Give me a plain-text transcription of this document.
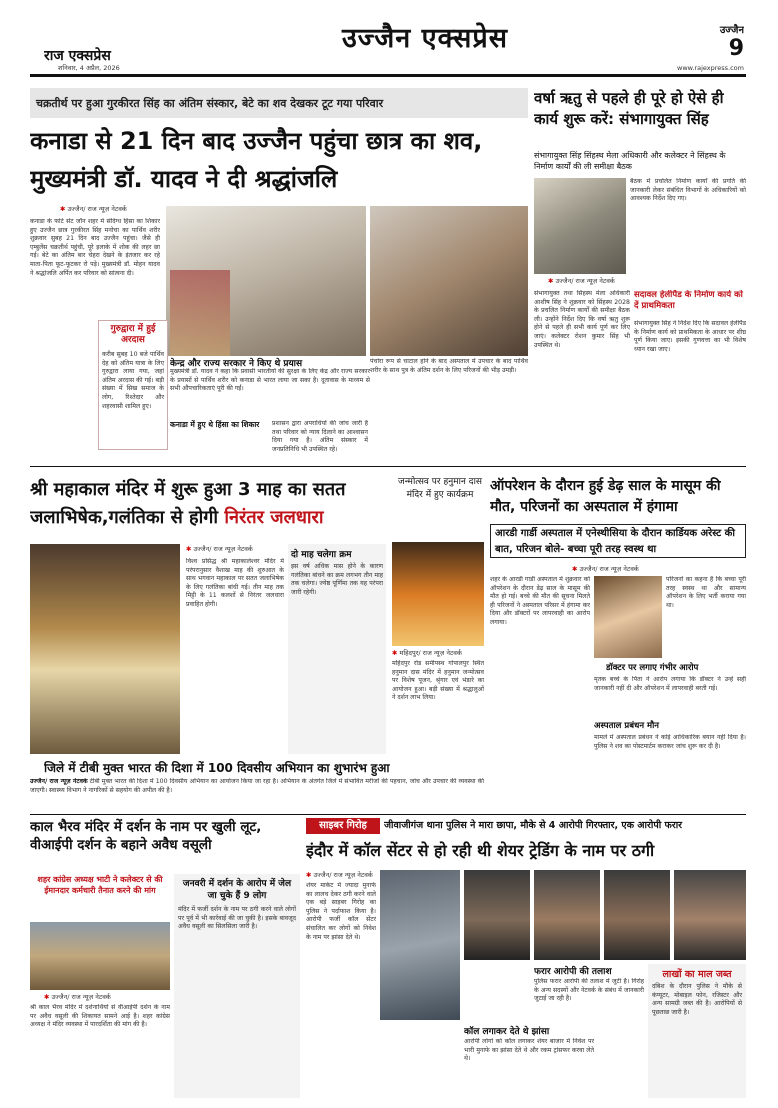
राज एक्सप्रेस
शनिवार, 4 अप्रैल, 2026
उज्जैन एक्सप्रेस	उज्जैन
9
www.rajexpress.com
चक्रतीर्थ पर हुआ गुरकीरत सिंह का अंतिम संस्कार, बेटे का शव देखकर टूट गया परिवार
कनाडा से 21 दिन बाद उज्जैन पहुंचा छात्र का शव, मुख्यमंत्री डॉ. यादव ने दी श्रद्धांजलि
✱ उज्जैन/ राज न्यूज़ नेटवर्क
कनाडा के फोर्ट सेंट जॉन शहर में संदिग्ध हिंसा का शिकार हुए उज्जैन छात्र गुरकीरत सिंह मनोचा का पार्थिव शरीर शुक्रवार सुबह 21 दिन बाद उज्जैन पहुंचा। जैसे ही एम्बुलेंस चक्रतीर्थ पहुंची, पूरे इलाके में शोक की लहर छा गई। बेटे का अंतिम बार चेहरा देखने के इंतजार कर रहे माता-पिता फूट-फूटकर रो पड़े। मुख्यमंत्री डॉ. मोहन यादव ने श्रद्धांजलि अर्पित कर परिवार को सांत्वना दी।
गुरुद्वारा में हुई अरदास
करीब सुबह 10 बजे पार्थिव देह को अंतिम यात्रा के लिए गुरुद्वारा लाया गया, जहां अंतिम अरदास की गई। बड़ी संख्या में सिख समाज के लोग, रिश्तेदार और शहरवासी शामिल हुए।
केन्द्र और राज्य सरकार ने किए थे प्रयास
मुख्यमंत्री डॉ. यादव ने कहा कि प्रवासी भारतीयों की सुरक्षा के लिए केंद्र और राज्य सरकार के प्रयासों से पार्थिव शरीर को कनाडा से भारत लाया जा सका है। दूतावास के माध्यम से सभी औपचारिकताएं पूरी की गईं।
कनाडा में हुए थे हिंसा का शिकार	प्रशासन द्वारा अपराधियों की जांच जारी है तथा परिवार को न्याय दिलाने का आश्वासन दिया गया है। अंतिम संस्कार में जनप्रतिनिधि भी उपस्थित रहे।
पंचोरा रूप से चाटाल होने के बाद अस्पताल में उपचार के बाद पार्थिव शरीर के साथ पुत्र के अंतिम दर्शन के लिए परिजनों की भीड़ उमड़ी।
वर्षा ऋतु से पहले ही पूरे हो ऐसे ही कार्य शुरू करें: संभागायुक्त सिंह
संभागायुक्त सिंह सिंहस्थ मेला अधिकारी और कलेक्टर ने सिंहस्थ के निर्माण कार्यों की ली समीक्षा बैठक
बैठक में प्रचलित निर्माण कार्यों की प्रगति की जानकारी लेकर संबंधित विभागों के अधिकारियों को आवश्यक निर्देश दिए गए।
✱ उज्जैन/ राज न्यूज़ नेटवर्क
संभागायुक्त तथा सिंहस्थ मेला अधिकारी आशीष सिंह ने शुक्रवार को सिंहस्थ 2028 के प्रचलित निर्माण कार्यों की समीक्षा बैठक ली। उन्होंने निर्देश दिए कि वर्षा ऋतु शुरू होने से पहले ही सभी कार्य पूर्ण कर लिए जाएं। कलेक्टर रोशन कुमार सिंह भी उपस्थित थे।
सदावल हेलीपैड के निर्माण कार्य को दें प्राथमिकता
संभागायुक्त सिंह ने निर्देश दिए कि सदावल हेलीपैड के निर्माण कार्य को प्राथमिकता के आधार पर शीघ्र पूर्ण किया जाए। इसकी गुणवत्ता का भी विशेष ध्यान रखा जाए।
श्री महाकाल मंदिर में शुरू हुआ 3 माह का सतत जलाभिषेक,गलंतिका से होगी निरंतर जलधारा
✱ उज्जैन/ राज न्यूज़ नेटवर्क
विश्व प्रसिद्ध श्री महाकालेश्वर मंदिर में परंपरानुसार वैशाख माह की शुरुआत के साथ भगवान महाकाल पर सतत जलाभिषेक के लिए गलंतिका बांधी गई। तीन माह तक मिट्टी के 11 कलशों से निरंतर जलधारा प्रवाहित होगी।
दो माह चलेगा क्रम
इस वर्ष अधिक मास होने के कारण गलंतिका बांधने का क्रम लगभग तीन माह तक चलेगा। ज्येष्ठ पूर्णिमा तक यह परंपरा जारी रहेगी।
जन्मोत्सव पर हनुमान दास मंदिर में हुए कार्यक्रम
✱ महिदपुर/ राज न्यूज़ नेटवर्क
महिदपुर रोड समीपस्थ गोपालपुर स्थित हनुमान दास मंदिर में हनुमान जन्मोत्सव पर विशेष पूजन, श्रृंगार एवं भंडारे का आयोजन हुआ। बड़ी संख्या में श्रद्धालुओं ने दर्शन लाभ लिया।
ऑपरेशन के दौरान हुई डेढ़ साल के मासूम की मौत, परिजनों का अस्पताल में हंगामा
आरडी गार्डी अस्पताल में एनेस्थीसिया के दौरान कार्डियक अरेस्ट की बात, परिजन बोले- बच्चा पूरी तरह स्वस्थ था
✱ उज्जैन/ राज न्यूज़ नेटवर्क
शहर के आरडी गार्डी अस्पताल में शुक्रवार को ऑपरेशन के दौरान डेढ़ साल के मासूम की मौत हो गई। बच्चे की मौत की सूचना मिलते ही परिजनों ने अस्पताल परिसर में हंगामा कर दिया और डॉक्टरों पर लापरवाही का आरोप लगाया।
परिजनों का कहना है कि बच्चा पूरी तरह स्वस्थ था और सामान्य ऑपरेशन के लिए भर्ती कराया गया था।
डॉक्टर पर लगाए गंभीर आरोप
मृतक बच्चे के पिता ने आरोप लगाया कि डॉक्टर ने उन्हें सही जानकारी नहीं दी और ऑपरेशन में लापरवाही बरती गई।
अस्पताल प्रबंधन मौन
मामले में अस्पताल प्रबंधन ने कोई आधिकारिक बयान नहीं दिया है। पुलिस ने शव का पोस्टमार्टम कराकर जांच शुरू कर दी है।
जिले में टीबी मुक्त भारत की दिशा में 100 दिवसीय अभियान का शुभारंभ हुआ
उज्जैन/ राज न्यूज़ नेटवर्क टीबी मुक्त भारत की दिशा में 100 दिवसीय अभियान का आयोजन किया जा रहा है। अभियान के अंतर्गत जिले में संभावित मरीजों की पहचान, जांच और उपचार की व्यवस्था की जाएगी। स्वास्थ्य विभाग ने नागरिकों से सहयोग की अपील की है।
काल भैरव मंदिर में दर्शन के नाम पर खुली लूट, वीआईपी दर्शन के बहाने अवैध वसूली
शहर कांग्रेस अध्यक्ष भाटी ने कलेक्टर से की ईमानदार कर्मचारी तैनात करने की मांग
✱ उज्जैन/ राज न्यूज़ नेटवर्क
श्री काल भैरव मंदिर में दर्शनार्थियों से वीआईपी दर्शन के नाम पर अवैध वसूली की शिकायत सामने आई है। शहर कांग्रेस अध्यक्ष ने मंदिर व्यवस्था में पारदर्शिता की मांग की है।
जनवरी में दर्शन के आरोप में जेल जा चुके हैं 9 लोग
मंदिर में फर्जी दर्शन के नाम पर ठगी करने वाले लोगों पर पूर्व में भी कार्रवाई की जा चुकी है। इसके बावजूद अवैध वसूली का सिलसिला जारी है।
साइबर गिरोह	जीवाजीगंज थाना पुलिस ने मारा छापा, मौके से 4 आरोपी गिरफ्तार, एक आरोपी फरार
इंदौर में कॉल सेंटर से हो रही थी शेयर ट्रेडिंग के नाम पर ठगी
✱ उज्जैन/ राज न्यूज़ नेटवर्क
शेयर मार्केट में ज्यादा मुनाफे का लालच देकर ठगी करने वाले एक बड़े साइबर गिरोह का पुलिस ने पर्दाफाश किया है। आरोपी फर्जी कॉल सेंटर संचालित कर लोगों को निवेश के नाम पर झांसा देते थे।
कॉल लगाकर देते थे झांसा
आरोपी लोगों को कॉल लगाकर शेयर बाजार में निवेश पर भारी मुनाफे का झांसा देते थे और रकम ट्रांसफर करवा लेते थे।
फरार आरोपी की तलाश
पुलिस फरार आरोपी की तलाश में जुटी है। गिरोह के अन्य सदस्यों और नेटवर्क के संबंध में जानकारी जुटाई जा रही है।
लाखों का माल जब्त
दबिश के दौरान पुलिस ने मौके से कंप्यूटर, मोबाइल फोन, रजिस्टर और अन्य सामग्री जब्त की है। आरोपियों से पूछताछ जारी है।
